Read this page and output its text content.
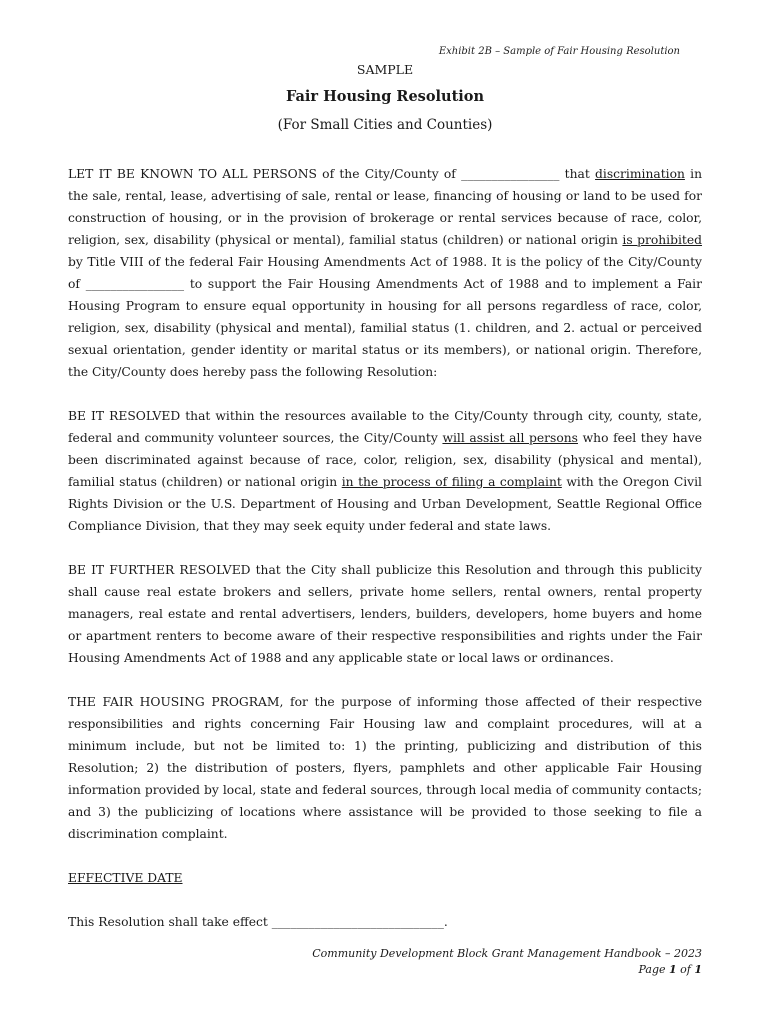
Exhibit 2B – Sample of Fair Housing Resolution
SAMPLE
Fair Housing Resolution
(For Small Cities and Counties)

LET IT BE KNOWN TO ALL PERSONS of the City/County of ________________ that discrimination in the sale, rental, lease, advertising of sale, rental or lease, financing of housing or land to be used for construction of housing, or in the provision of brokerage or rental services because of race, color, religion, sex, disability (physical or mental), familial status (children) or national origin is prohibited by Title VIII of the federal Fair Housing Amendments Act of 1988. It is the policy of the City/County of ________________ to support the Fair Housing Amendments Act of 1988 and to implement a Fair Housing Program to ensure equal opportunity in housing for all persons regardless of race, color, religion, sex, disability (physical and mental), familial status (1. children, and 2. actual or perceived sexual orientation, gender identity or marital status or its members), or national origin. Therefore, the City/County does hereby pass the following Resolution:

BE IT RESOLVED that within the resources available to the City/County through city, county, state, federal and community volunteer sources, the City/County will assist all persons who feel they have been discriminated against because of race, color, religion, sex, disability (physical and mental), familial status (children) or national origin in the process of filing a complaint with the Oregon Civil Rights Division or the U.S. Department of Housing and Urban Development, Seattle Regional Office Compliance Division, that they may seek equity under federal and state laws.

BE IT FURTHER RESOLVED that the City shall publicize this Resolution and through this publicity shall cause real estate brokers and sellers, private home sellers, rental owners, rental property managers, real estate and rental advertisers, lenders, builders, developers, home buyers and home or apartment renters to become aware of their respective responsibilities and rights under the Fair Housing Amendments Act of 1988 and any applicable state or local laws or ordinances.

THE FAIR HOUSING PROGRAM, for the purpose of informing those affected of their respective responsibilities and rights concerning Fair Housing law and complaint procedures, will at a minimum include, but not be limited to: 1) the printing, publicizing and distribution of this Resolution; 2) the distribution of posters, flyers, pamphlets and other applicable Fair Housing information provided by local, state and federal sources, through local media of community contacts; and 3) the publicizing of locations where assistance will be provided to those seeking to file a discrimination complaint.

EFFECTIVE DATE

This Resolution shall take effect ____________________________.

Community Development Block Grant Management Handbook – 2023
Page 1 of 1
